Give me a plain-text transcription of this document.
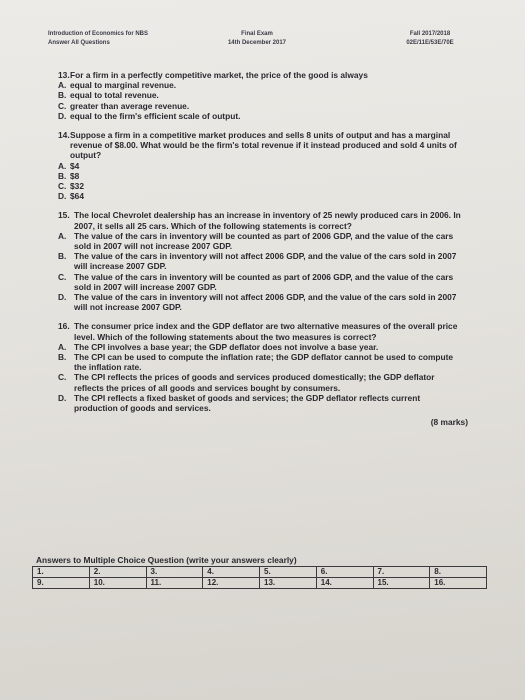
Introduction of Economics for NBS
Answer All Questions
Final Exam
14th December 2017
Fall 2017/2018
02E/11E/53E/70E
13. For a firm in a perfectly competitive market, the price of the good is always
A. equal to marginal revenue.
B. equal to total revenue.
C. greater than average revenue.
D. equal to the firm's efficient scale of output.
14. Suppose a firm in a competitive market produces and sells 8 units of output and has a marginal revenue of $8.00. What would be the firm's total revenue if it instead produced and sold 4 units of output?
A. $4
B. $8
C. $32
D. $64
15. The local Chevrolet dealership has an increase in inventory of 25 newly produced cars in 2006. In 2007, it sells all 25 cars. Which of the following statements is correct?
A. The value of the cars in inventory will be counted as part of 2006 GDP, and the value of the cars sold in 2007 will not increase 2007 GDP.
B. The value of the cars in inventory will not affect 2006 GDP, and the value of the cars sold in 2007 will increase 2007 GDP.
C. The value of the cars in inventory will be counted as part of 2006 GDP, and the value of the cars sold in 2007 will increase 2007 GDP.
D. The value of the cars in inventory will not affect 2006 GDP, and the value of the cars sold in 2007 will not increase 2007 GDP.
16. The consumer price index and the GDP deflator are two alternative measures of the overall price level. Which of the following statements about the two measures is correct?
A. The CPI involves a base year; the GDP deflator does not involve a base year.
B. The CPI can be used to compute the inflation rate; the GDP deflator cannot be used to compute the inflation rate.
C. The CPI reflects the prices of goods and services produced domestically; the GDP deflator reflects the prices of all goods and services bought by consumers.
D. The CPI reflects a fixed basket of goods and services; the GDP deflator reflects current production of goods and services.
(8 marks)
Answers to Multiple Choice Question (write your answers clearly)
1.	2.	3.	4.	5.	6.	7.	8.
9.	10.	11.	12.	13.	14.	15.	16.
